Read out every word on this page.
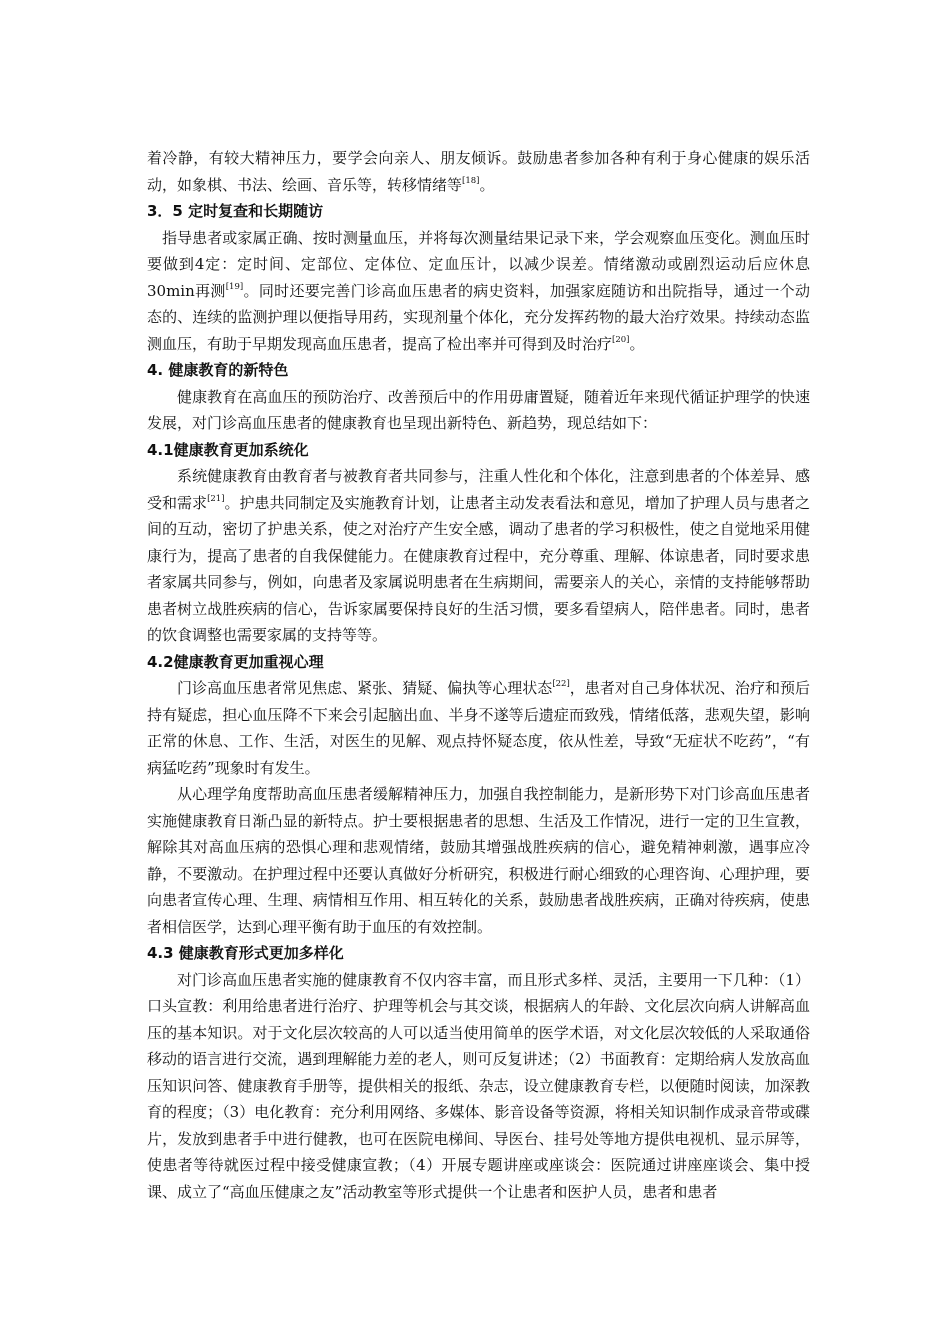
着冷静，有较大精神压力，要学会向亲人、朋友倾诉。鼓励患者参加各种有利于身心健康的娱乐活动，如象棋、书法、绘画、音乐等，转移情绪等[18]。

3．5 定时复查和长期随访

指导患者或家属正确、按时测量血压，并将每次测量结果记录下来，学会观察血压变化。测血压时要做到4定：定时间、定部位、定体位、定血压计，以减少误差。情绪激动或剧烈运动后应休息30min再测[19]。同时还要完善门诊高血压患者的病史资料，加强家庭随访和出院指导，通过一个动态的、连续的监测护理以便指导用药，实现剂量个体化，充分发挥药物的最大治疗效果。持续动态监测血压，有助于早期发现高血压患者，提高了检出率并可得到及时治疗[20]。

4. 健康教育的新特色

健康教育在高血压的预防治疗、改善预后中的作用毋庸置疑，随着近年来现代循证护理学的快速发展，对门诊高血压患者的健康教育也呈现出新特色、新趋势，现总结如下：

4.1健康教育更加系统化

系统健康教育由教育者与被教育者共同参与，注重人性化和个体化，注意到患者的个体差异、感受和需求[21]。护患共同制定及实施教育计划，让患者主动发表看法和意见，增加了护理人员与患者之间的互动，密切了护患关系，使之对治疗产生安全感，调动了患者的学习积极性，使之自觉地采用健康行为，提高了患者的自我保健能力。在健康教育过程中，充分尊重、理解、体谅患者，同时要求患者家属共同参与，例如，向患者及家属说明患者在生病期间，需要亲人的关心，亲情的支持能够帮助患者树立战胜疾病的信心，告诉家属要保持良好的生活习惯，要多看望病人，陪伴患者。同时，患者的饮食调整也需要家属的支持等等。

4.2健康教育更加重视心理

门诊高血压患者常见焦虑、紧张、猜疑、偏执等心理状态[22]，患者对自己身体状况、治疗和预后持有疑虑，担心血压降不下来会引起脑出血、半身不遂等后遗症而致残，情绪低落，悲观失望，影响正常的休息、工作、生活，对医生的见解、观点持怀疑态度，依从性差，导致“无症状不吃药”，“有病猛吃药”现象时有发生。

从心理学角度帮助高血压患者缓解精神压力，加强自我控制能力，是新形势下对门诊高血压患者实施健康教育日渐凸显的新特点。护士要根据患者的思想、生活及工作情况，进行一定的卫生宣教，解除其对高血压病的恐惧心理和悲观情绪，鼓励其增强战胜疾病的信心，避免精神刺激，遇事应冷静，不要激动。在护理过程中还要认真做好分析研究，积极进行耐心细致的心理咨询、心理护理，要向患者宣传心理、生理、病情相互作用、相互转化的关系，鼓励患者战胜疾病，正确对待疾病，使患者相信医学，达到心理平衡有助于血压的有效控制。

4.3 健康教育形式更加多样化

对门诊高血压患者实施的健康教育不仅内容丰富，而且形式多样、灵活，主要用一下几种：（1）口头宣教：利用给患者进行治疗、护理等机会与其交谈，根据病人的年龄、文化层次向病人讲解高血压的基本知识。对于文化层次较高的人可以适当使用简单的医学术语，对文化层次较低的人采取通俗移动的语言进行交流，遇到理解能力差的老人，则可反复讲述；（2）书面教育：定期给病人发放高血压知识问答、健康教育手册等，提供相关的报纸、杂志，设立健康教育专栏，以便随时阅读，加深教育的程度；（3）电化教育：充分利用网络、多媒体、影音设备等资源，将相关知识制作成录音带或碟片，发放到患者手中进行健教，也可在医院电梯间、导医台、挂号处等地方提供电视机、显示屏等，使患者等待就医过程中接受健康宣教；（4）开展专题讲座或座谈会：医院通过讲座座谈会、集中授课、成立了“高血压健康之友”活动教室等形式提供一个让患者和医护人员，患者和患者
